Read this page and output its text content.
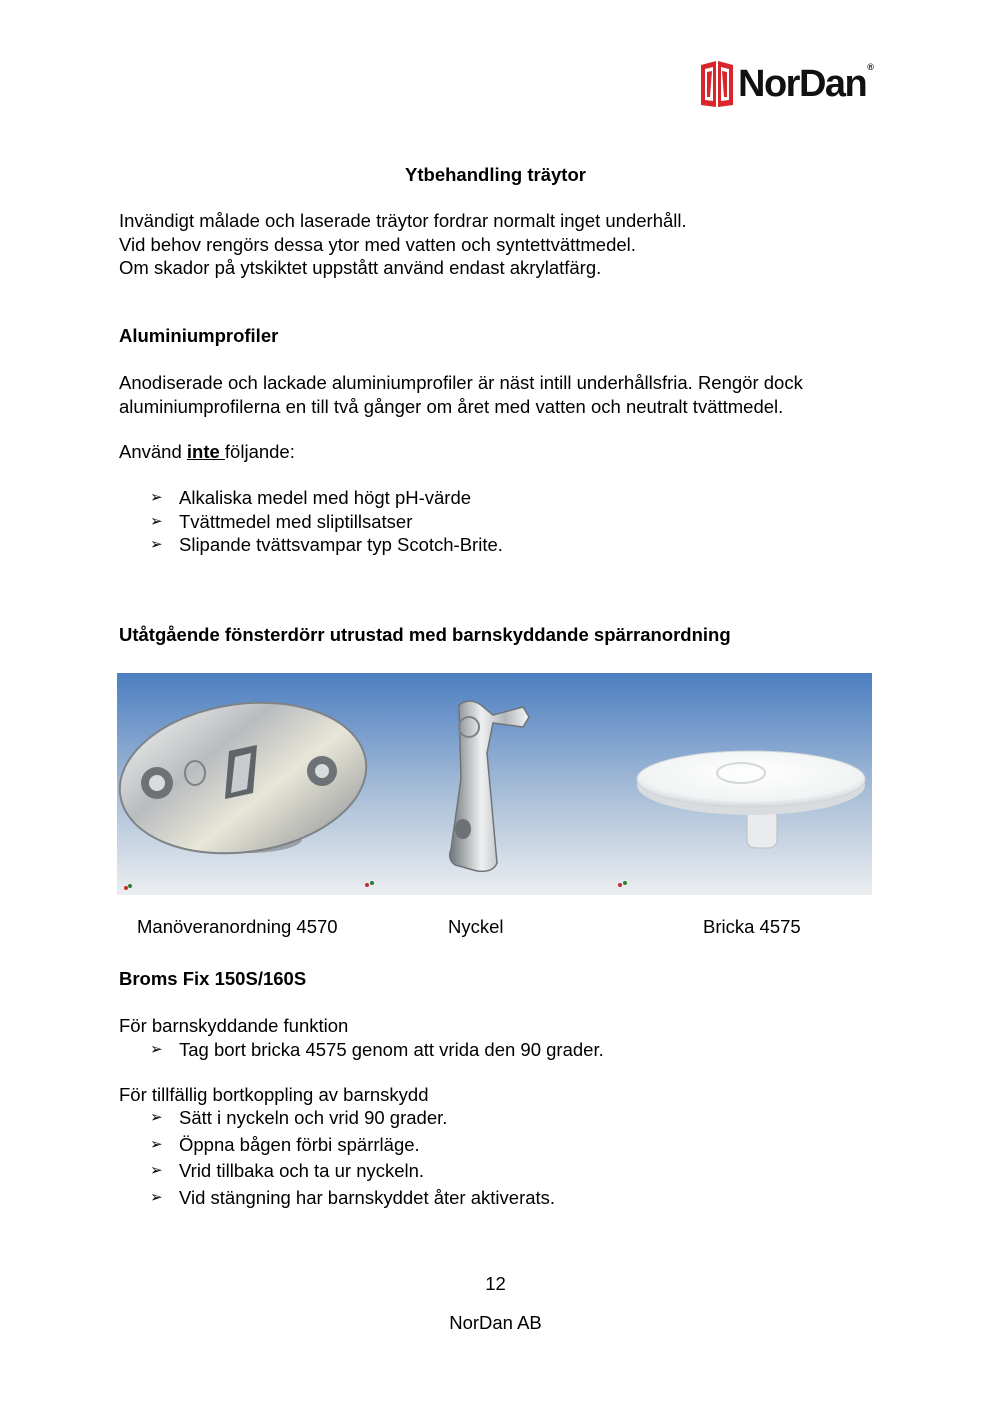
NorDan®
Ytbehandling träytor
Invändigt målade och laserade träytor fordrar normalt inget underhåll.
Vid behov rengörs dessa ytor med vatten och syntettvättmedel.
Om skador på ytskiktet uppstått använd endast akrylatfärg.
Aluminiumprofiler
Anodiserade och lackade aluminiumprofiler är näst intill underhållsfria. Rengör dock
aluminiumprofilerna en till två gånger om året med vatten och neutralt tvättmedel.
Använd inte följande:
➢ Alkaliska medel med högt pH-värde
➢ Tvättmedel med sliptillsatser
➢ Slipande tvättsvampar typ Scotch-Brite.
Utåtgående fönsterdörr utrustad med barnskyddande spärranordning
Manöveranordning 4570	Nyckel	Bricka 4575
Broms Fix 150S/160S
För barnskyddande funktion
➢ Tag bort bricka 4575 genom att vrida den 90 grader.
För tillfällig bortkoppling av barnskydd
➢ Sätt i nyckeln och vrid 90 grader.
➢ Öppna bågen förbi spärrläge.
➢ Vrid tillbaka och ta ur nyckeln.
➢ Vid stängning har barnskyddet åter aktiverats.
12
NorDan AB
